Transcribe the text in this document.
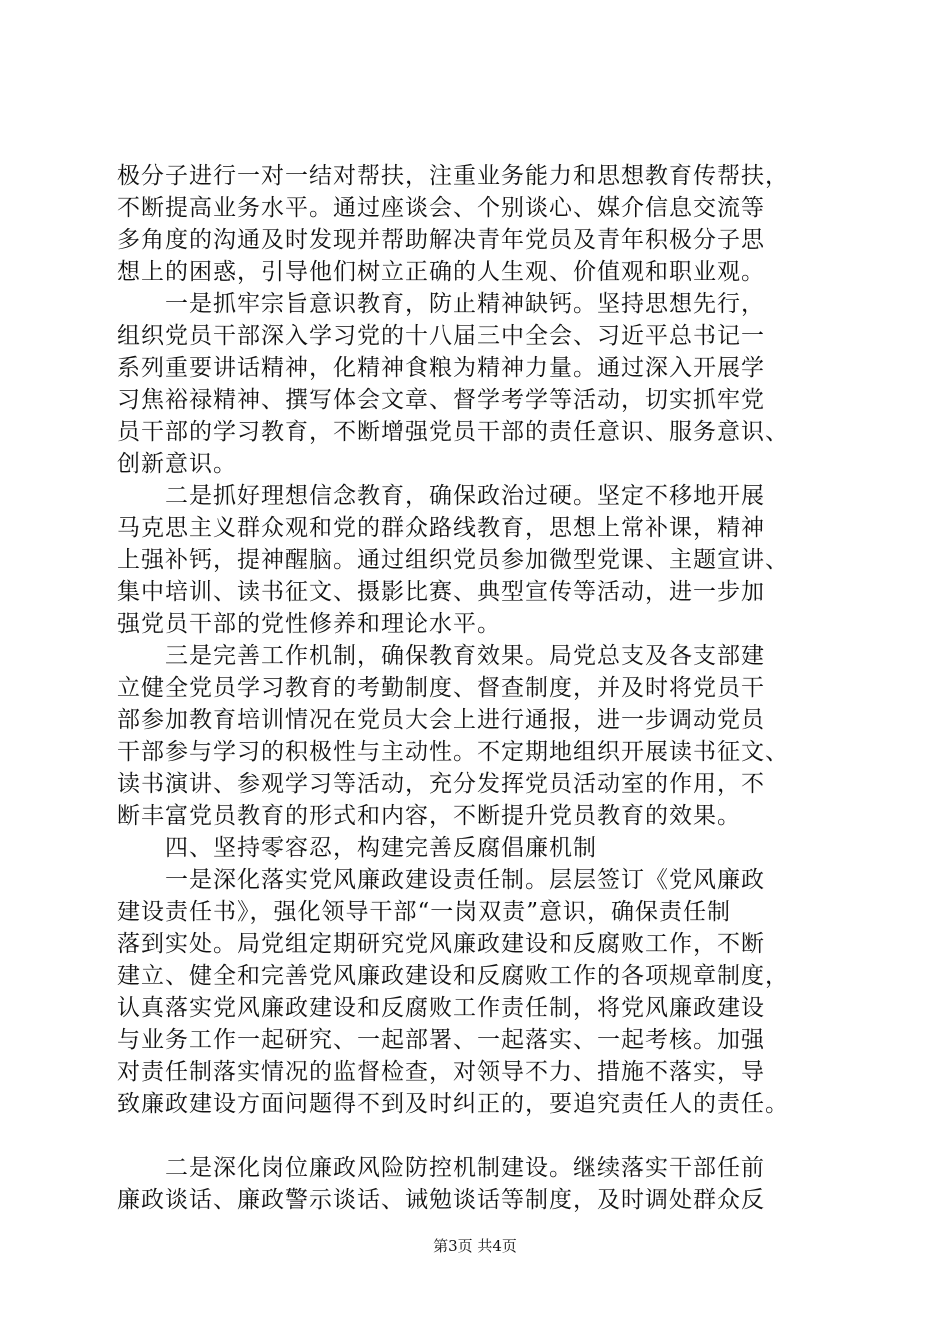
极分子进行一对一结对帮扶，注重业务能力和思想教育传帮扶，
不断提高业务水平。通过座谈会、个别谈心、媒介信息交流等
多角度的沟通及时发现并帮助解决青年党员及青年积极分子思
想上的困惑，引导他们树立正确的人生观、价值观和职业观。
　　一是抓牢宗旨意识教育，防止精神缺钙。坚持思想先行，
组织党员干部深入学习党的十八届三中全会、习近平总书记一
系列重要讲话精神，化精神食粮为精神力量。通过深入开展学
习焦裕禄精神、撰写体会文章、督学考学等活动，切实抓牢党
员干部的学习教育，不断增强党员干部的责任意识、服务意识、
创新意识。
　　二是抓好理想信念教育，确保政治过硬。坚定不移地开展
马克思主义群众观和党的群众路线教育，思想上常补课，精神
上强补钙，提神醒脑。通过组织党员参加微型党课、主题宣讲、
集中培训、读书征文、摄影比赛、典型宣传等活动，进一步加
强党员干部的党性修养和理论水平。
　　三是完善工作机制，确保教育效果。局党总支及各支部建
立健全党员学习教育的考勤制度、督查制度，并及时将党员干
部参加教育培训情况在党员大会上进行通报，进一步调动党员
干部参与学习的积极性与主动性。不定期地组织开展读书征文、
读书演讲、参观学习等活动，充分发挥党员活动室的作用，不
断丰富党员教育的形式和内容，不断提升党员教育的效果。
　　四、坚持零容忍，构建完善反腐倡廉机制
　　一是深化落实党风廉政建设责任制。层层签订《党风廉政
建设责任书》，强化领导干部“一岗双责”意识，确保责任制
落到实处。局党组定期研究党风廉政建设和反腐败工作，不断
建立、健全和完善党风廉政建设和反腐败工作的各项规章制度，
认真落实党风廉政建设和反腐败工作责任制，将党风廉政建设
与业务工作一起研究、一起部署、一起落实、一起考核。加强
对责任制落实情况的监督检查，对领导不力、措施不落实，导
致廉政建设方面问题得不到及时纠正的，要追究责任人的责任。
　　二是深化岗位廉政风险防控机制建设。继续落实干部任前
廉政谈话、廉政警示谈话、诫勉谈话等制度，及时调处群众反
第3页 共4页
